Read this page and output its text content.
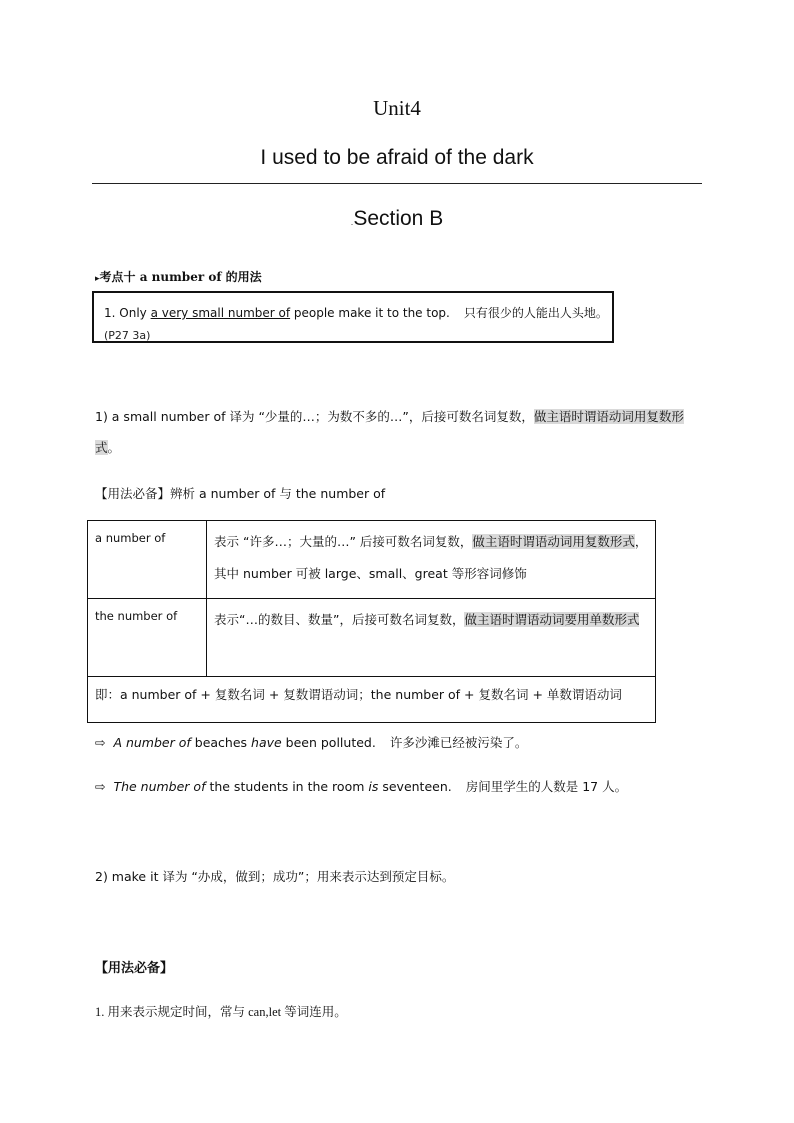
Unit4
I used to be afraid of the dark
.Section B
▸考点十 a number of 的用法
1. Only a very small number of people make it to the top. 只有很少的人能出人头地。
(P27 3a)
1) a small number of 译为 “少量的…；为数不多的…”，后接可数名词复数，做主语时谓语动词用复数形式。
【用法必备】辨析 a number of 与 the number of
a number of	表示 “许多…；大量的…” 后接可数名词复数，做主语时谓语动词用复数形式，其中 number 可被 large、small、great 等形容词修饰
the number of	表示“…的数目、数量”，后接可数名词复数，做主语时谓语动词要用单数形式
即：a number of + 复数名词 + 复数谓语动词；the number of + 复数名词 + 单数谓语动词	
⇨ A number of beaches have been polluted. 许多沙滩已经被污染了。
⇨ The number of the students in the room is seventeen. 房间里学生的人数是 17 人。
2) make it 译为 “办成，做到；成功”；用来表示达到预定目标。
【用法必备】
1. 用来表示规定时间，常与 can,let 等词连用。
